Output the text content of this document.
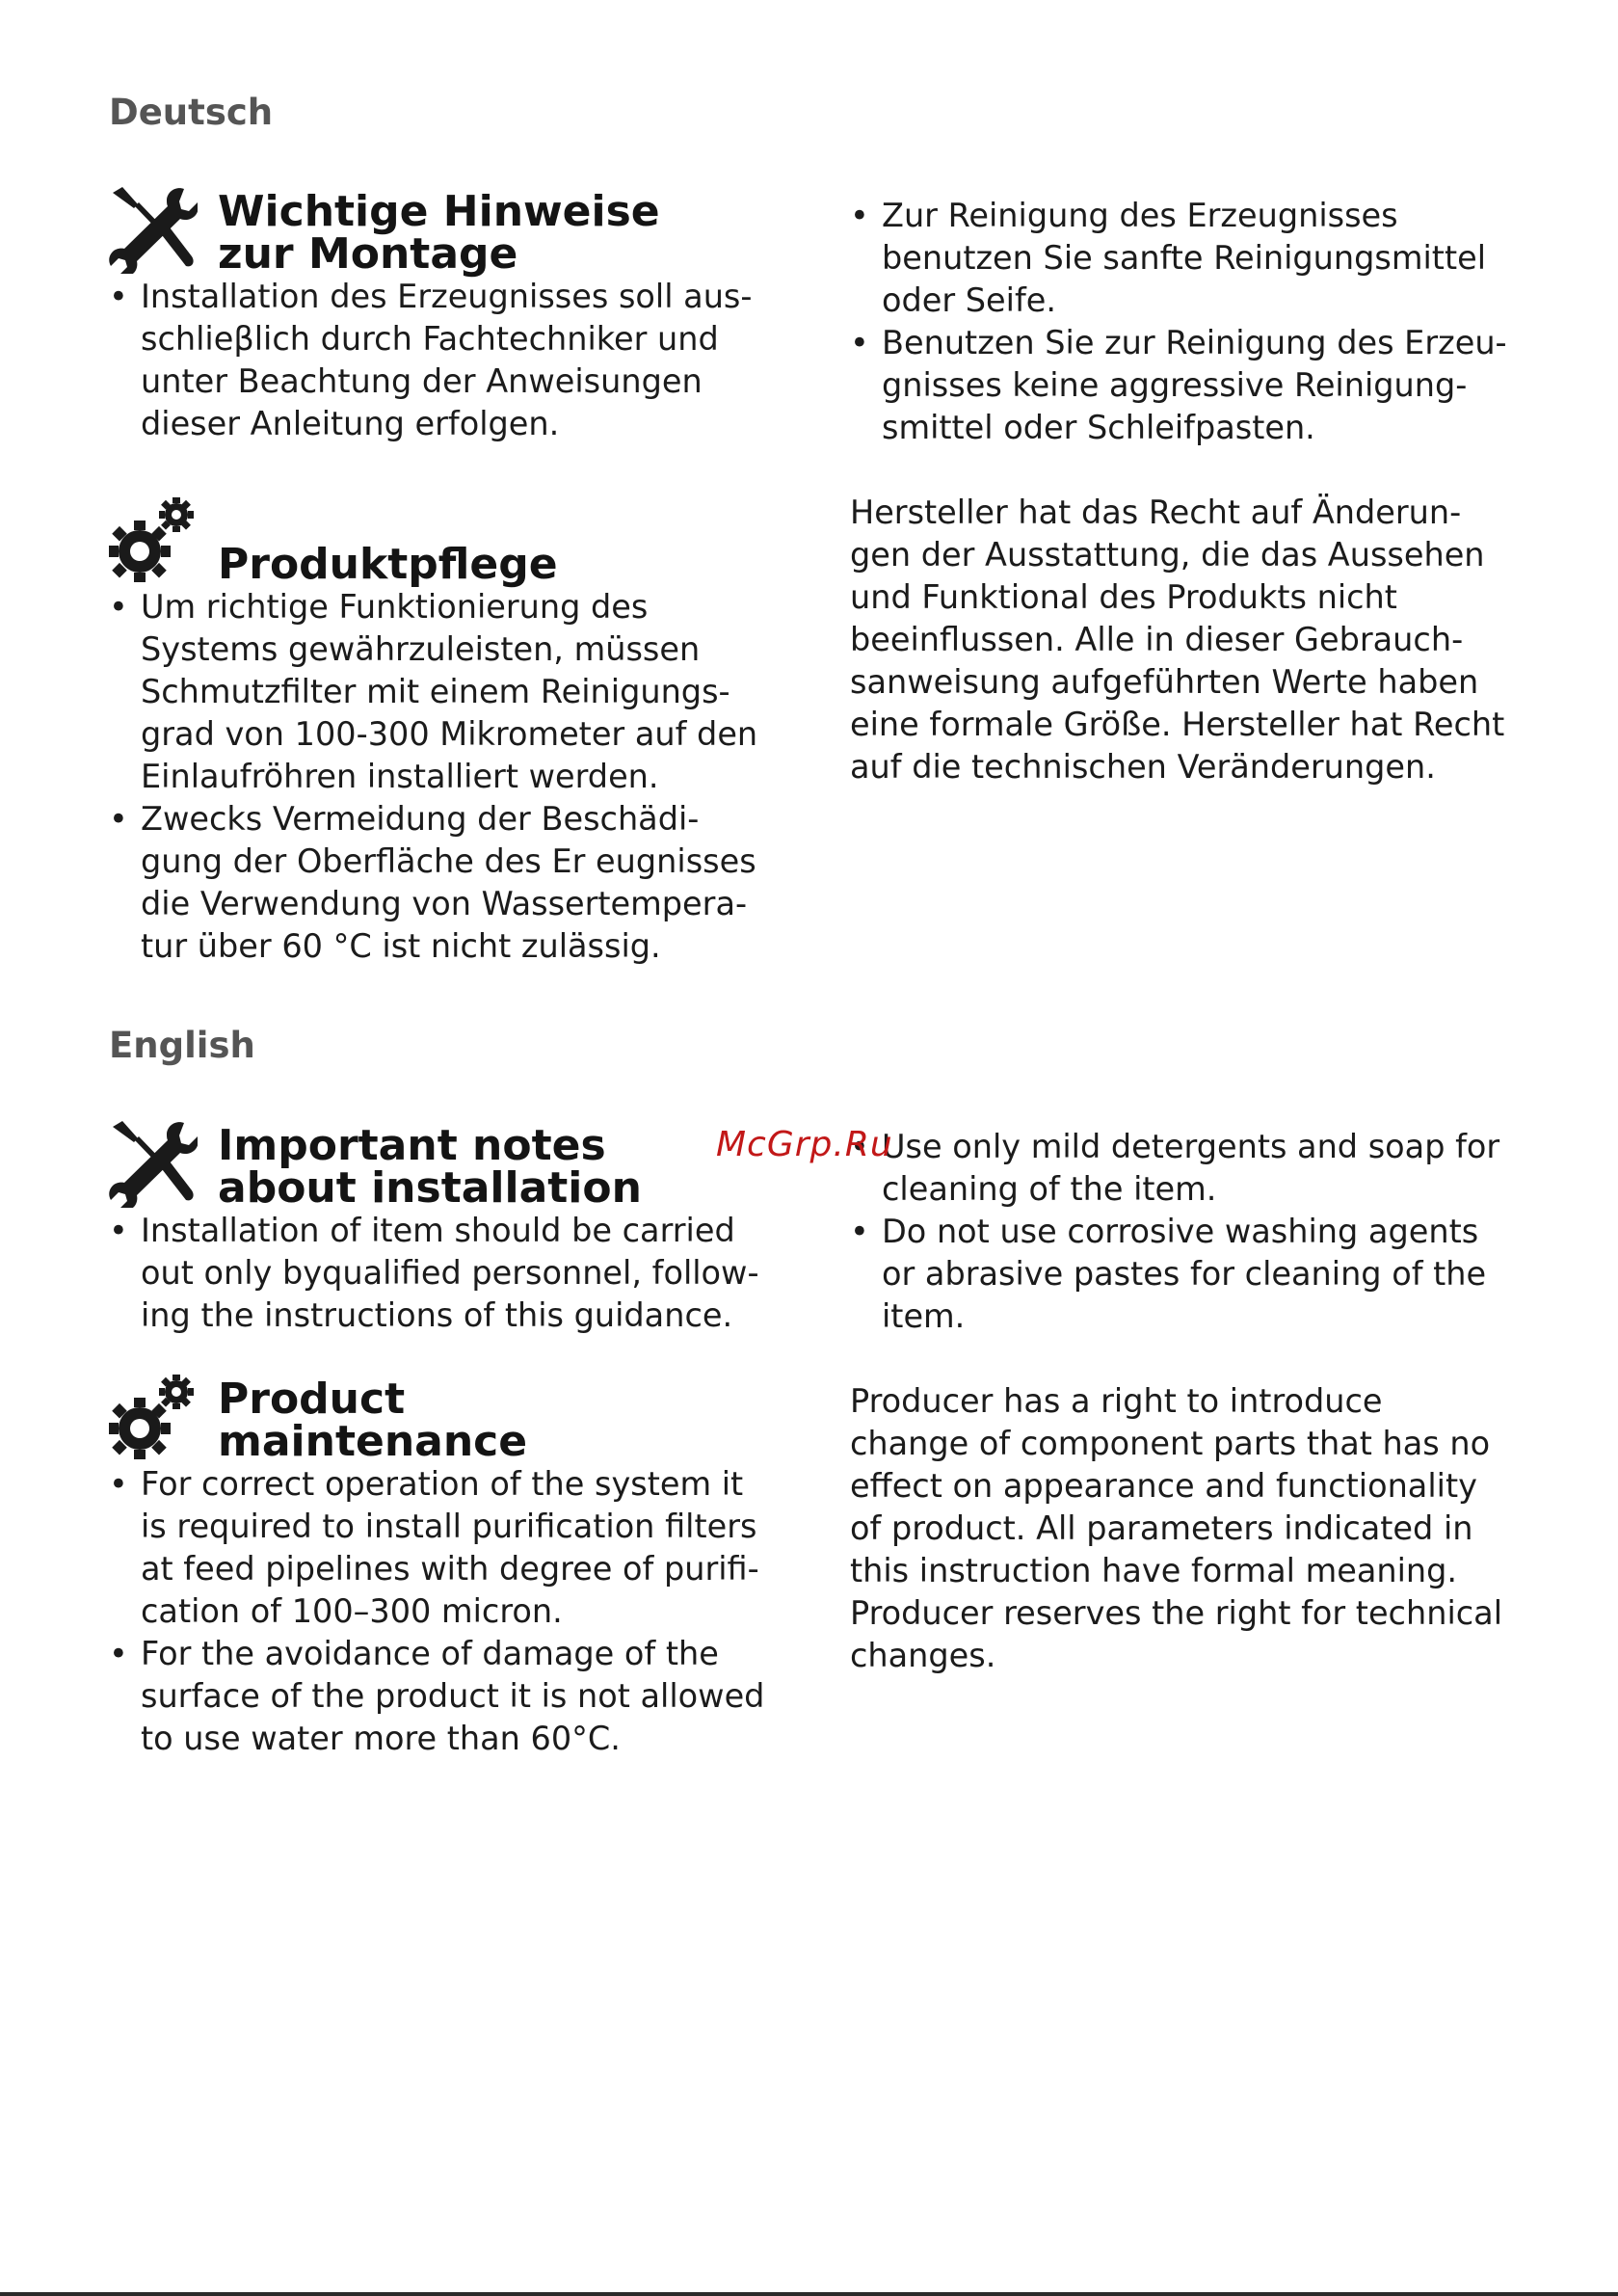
Deutsch
Wichtige Hinweise
zur Montage
• Installation des Erzeugnisses soll aus-
schlieβlich durch Fachtechniker und
unter Beachtung der Anweisungen
dieser Anleitung erfolgen.
Produktpflege
• Um richtige Funktionierung des
Systems gewährzuleisten, müssen
Schmutzfilter mit einem Reinigungs-
grad von 100-300 Mikrometer auf den
Einlaufröhren installiert werden.
• Zwecks Vermeidung der Beschädi-
gung der Oberfläche des Er eugnisses
die Verwendung von Wassertempera-
tur über 60 °C ist nicht zulässig.
• Zur Reinigung des Erzeugnisses
benutzen Sie sanfte Reinigungsmittel
oder Seife.
• Benutzen Sie zur Reinigung des Erzeu-
gnisses keine aggressive Reinigung-
smittel oder Schleifpasten.

Hersteller hat das Recht auf Änderun-
gen der Ausstattung, die das Aussehen
und Funktional des Produkts nicht
beeinflussen. Alle in dieser Gebrauch-
sanweisung aufgeführten Werte haben
eine formale Größe. Hersteller hat Recht
auf die technischen Veränderungen.

English
Important notes
about installation
• Installation of item should be carried
out only byqualified personnel, follow-
ing the instructions of this guidance.
Product
maintenance
• For correct operation of the system it
is required to install purification filters
at feed pipelines with degree of purifi-
cation of 100–300 micron.
• For the avoidance of damage of the
surface of the product it is not allowed
to use water more than 60°C.
• Use only mild detergents and soap for
cleaning of the item.
• Do not use corrosive washing agents
or abrasive pastes for cleaning of the
item.

Producer has a right to introduce
change of component parts that has no
effect on appearance and functionality
of product. All parameters indicated in
this instruction have formal meaning.
Producer reserves the right for technical
changes.

McGrp.Ru
